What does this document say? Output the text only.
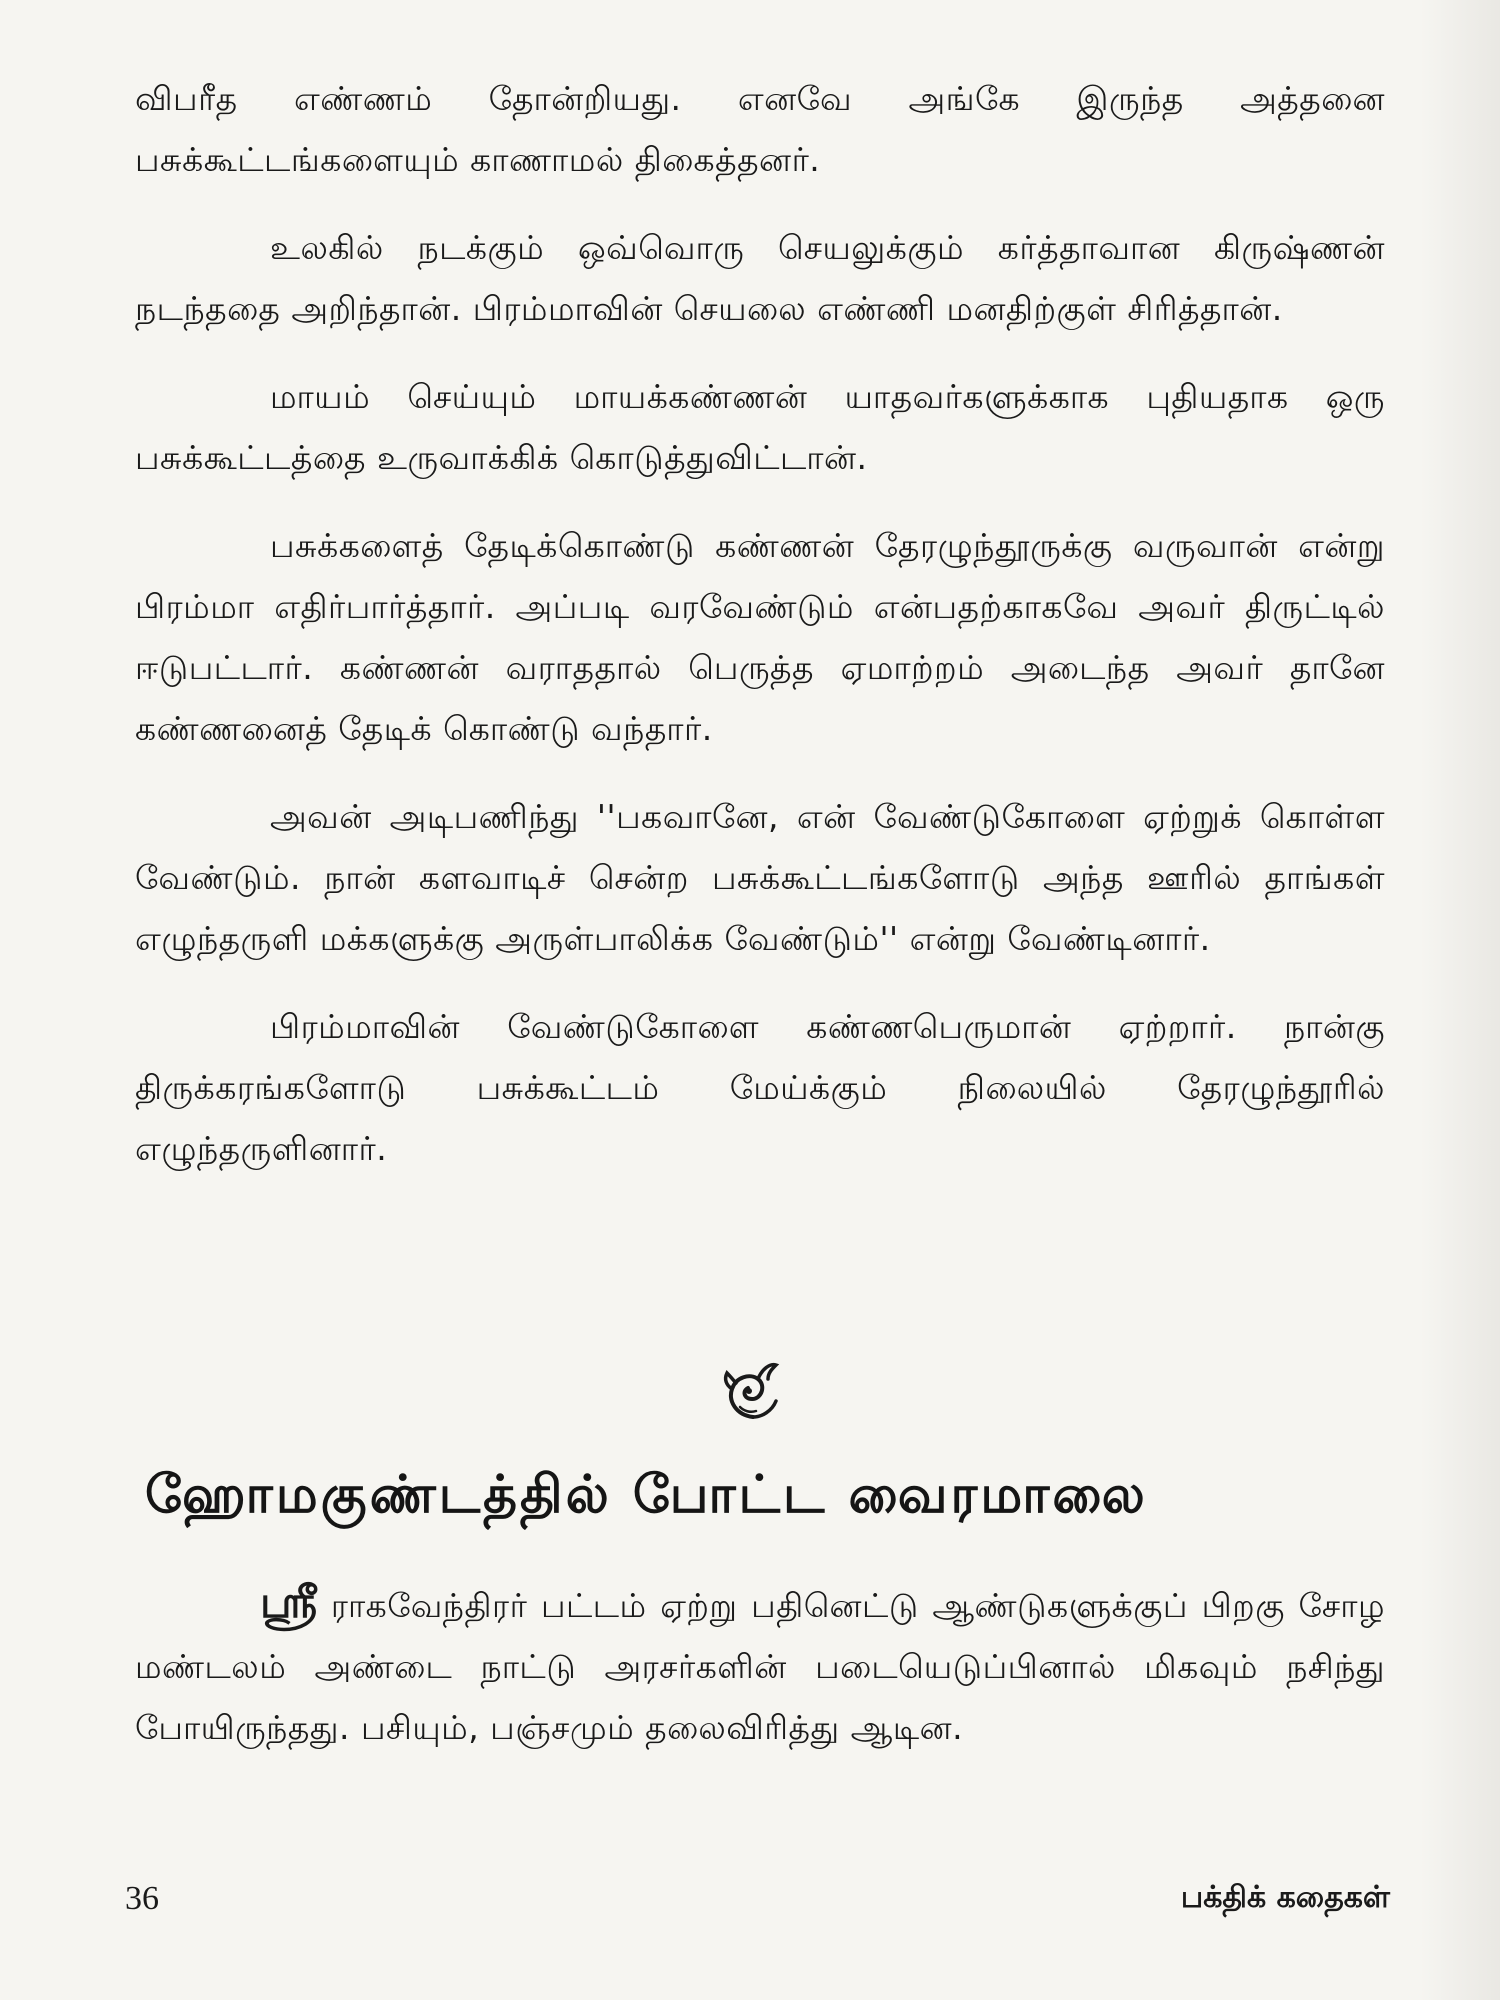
விபரீத எண்ணம் தோன்றியது. எனவே அங்கே இருந்த அத்தனை பசுக்கூட்டங்களையும் காணாமல் திகைத்தனர்.

உலகில் நடக்கும் ஒவ்வொரு செயலுக்கும் கர்த்தாவான கிருஷ்ணன் நடந்ததை அறிந்தான். பிரம்மாவின் செயலை எண்ணி மனதிற்குள் சிரித்தான்.

மாயம் செய்யும் மாயக்கண்ணன் யாதவர்களுக்காக புதியதாக ஒரு பசுக்கூட்டத்தை உருவாக்கிக் கொடுத்துவிட்டான்.

பசுக்களைத் தேடிக்கொண்டு கண்ணன் தேரழுந்தூருக்கு வருவான் என்று பிரம்மா எதிர்பார்த்தார். அப்படி வரவேண்டும் என்பதற்காகவே அவர் திருட்டில் ஈடுபட்டார். கண்ணன் வராததால் பெருத்த ஏமாற்றம் அடைந்த அவர் தானே கண்ணனைத் தேடிக் கொண்டு வந்தார்.

அவன் அடிபணிந்து ''பகவானே, என் வேண்டுகோளை ஏற்றுக் கொள்ள வேண்டும். நான் களவாடிச் சென்ற பசுக்கூட்டங்களோடு அந்த ஊரில் தாங்கள் எழுந்தருளி மக்களுக்கு அருள்பாலிக்க வேண்டும்'' என்று வேண்டினார்.

பிரம்மாவின் வேண்டுகோளை கண்ணபெருமான் ஏற்றார். நான்கு திருக்கரங்களோடு பசுக்கூட்டம் மேய்க்கும் நிலையில் தேரழுந்தூரில் எழுந்தருளினார்.

ஹோமகுண்டத்தில் போட்ட வைரமாலை

ஸ்ரீ ராகவேந்திரர் பட்டம் ஏற்று பதினெட்டு ஆண்டுகளுக்குப் பிறகு சோழ மண்டலம் அண்டை நாட்டு அரசர்களின் படையெடுப்பினால் மிகவும் நசிந்து போயிருந்தது. பசியும், பஞ்சமும் தலைவிரித்து ஆடின.

36	பக்திக் கதைகள்
